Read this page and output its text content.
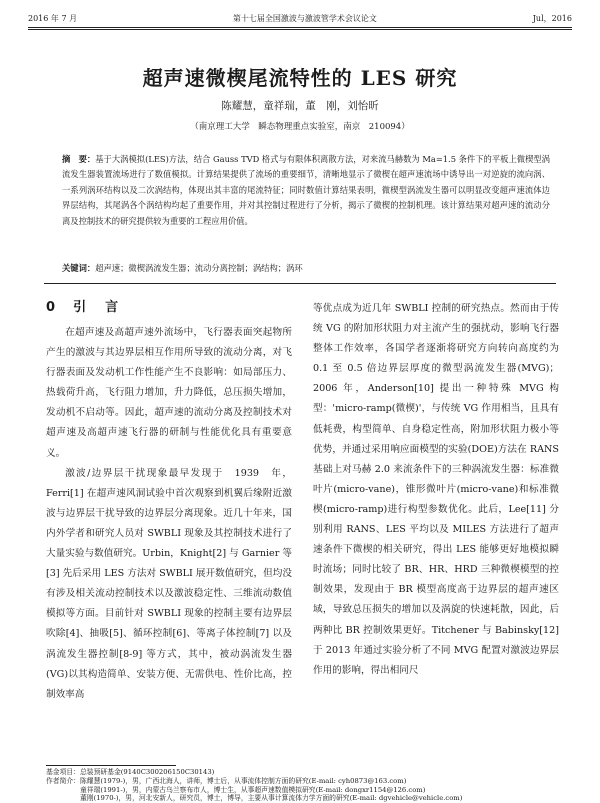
2016 年 7 月	第十七届全国激波与激波管学术会议论文	Jul，2016
超声速微楔尾流特性的 LES 研究
陈耀慧，童祥瑞，董　刚，刘怡昕
（南京理工大学　瞬态物理重点实验室，南京　210094）
摘　要：基于大涡模拟(LES)方法，结合 Gauss TVD 格式与有限体积离散方法，对来流马赫数为 Ma=1.5 条件下的平板上微楔型涡流发生器装置流场进行了数值模拟。计算结果提供了流场的重要细节，清晰地显示了微楔在超声速流场中诱导出一对逆旋的流向涡、一系列涡环结构以及二次涡结构，体现出其丰富的尾流特征；同时数值计算结果表明，微楔型涡流发生器可以明显改变超声速流体边界层结构，其尾涡各个涡结构均起了重要作用，并对其控制过程进行了分析，揭示了微楔的控制机理。该计算结果对超声速的流动分离及控制技术的研究提供较为重要的工程应用价值。
关键词：超声速；微楔涡流发生器；流动分离控制；涡结构；涡环
0 引　言

在超声速及高超声速外流场中，飞行器表面突起物所产生的激波与其边界层相互作用所导致的流动分离，对飞行器表面及发动机工作性能产生不良影响：如局部压力、热载荷升高，飞行阻力增加，升力降低，总压损失增加，发动机不启动等。因此，超声速的流动分离及控制技术对超声速及高超声速飞行器的研制与性能优化具有重要意义。

激波/边界层干扰现象最早发现于　1939　年，Ferri[1] 在超声速风洞试验中首次观察到机翼后缘附近激波与边界层干扰导致的边界层分离现象。近几十年来，国内外学者和研究人员对 SWBLI 现象及其控制技术进行了大量实验与数值研究。Urbin，Knight[2] 与 Garnier 等[3] 先后采用 LES 方法对 SWBLI 展开数值研究，但均没有涉及相关流动控制技术以及激波稳定性、三维流动数值模拟等方面。目前针对 SWBLI 现象的控制主要有边界层吹除[4]、抽吸[5]、循环控制[6]、等离子体控制[7] 以及涡流发生器控制[8-9] 等方式，其中，被动涡流发生器(VG)以其构造简单、安装方便、无需供电、性价比高，控制效率高

等优点成为近几年 SWBLI 控制的研究热点。然而由于传统 VG 的附加形状阻力对主流产生的强扰动，影响飞行器整体工作效率，各国学者逐渐将研究方向转向高度约为 0.1 至 0.5 倍边界层厚度的微型涡流发生器(MVG)；2006 年，Anderson[10] 提出一种特殊 MVG 构型：'micro-ramp(微楔)'，与传统 VG 作用相当，且具有低耗费，构型简单、自身稳定性高，附加形状阻力极小等优势，并通过采用响应面模型的实验(DOE)方法在 RANS 基础上对马赫 2.0 来流条件下的三种涡流发生器：标准微叶片(micro-vane)，锥形微叶片(micro-vane)和标准微楔(micro-ramp)进行构型参数优化。此后，Lee[11] 分别利用 RANS、LES 平均以及 MILES 方法进行了超声速条件下微楔的相关研究，得出 LES 能够更好地模拟瞬时流场；同时比较了 BR、HR、HRD 三种微楔模型的控制效果，发现由于 BR 模型高度高于边界层的超声速区域，导致总压损失的增加以及涡旋的快速耗散，因此，后两种比 BR 控制效果更好。Titchener 与 Babinsky[12] 于 2013 年通过实验分析了不同 MVG 配置对激波边界层作用的影响，得出相同尺

基金项目：总装预研基金(9140C300206150C30143)
作者简介：陈耀慧(1979-)，男，广西北海人，讲师，博士后，从事流体控制方面的研究(E-mail: cyh0873@163.com)
　　　　　童祥瑞(1991-)，男，内蒙古乌兰察布市人，博士生，从事超声速数值模拟研究(E-mail: dongxr1154@126.com)
　　　　　董刚(1970-)，男，河北安新人，研究员，博士，博导，主要从事计算流体力学方面的研究(E-mail: dgvehicle@vehicle.com)
